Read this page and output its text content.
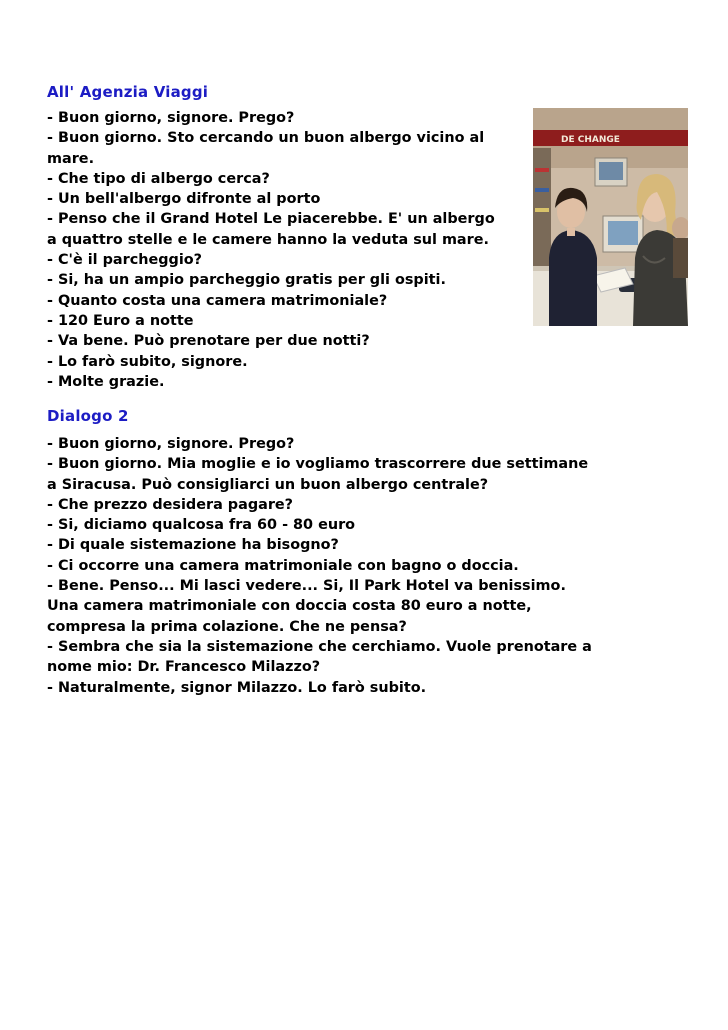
All' Agenzia Viaggi
- Buon giorno, signore. Prego?
- Buon giorno. Sto cercando un buon albergo vicino al
mare.
- Che tipo di albergo cerca?
- Un bell'albergo difronte al porto
- Penso che il Grand Hotel Le piacerebbe. E' un albergo
a quattro stelle e le camere hanno la veduta sul mare.
- C'è il parcheggio?
- Si, ha un ampio parcheggio gratis per gli ospiti.
- Quanto costa una camera matrimoniale?
- 120 Euro a notte
- Va bene. Può prenotare per due notti?
- Lo farò subito, signore.
- Molte grazie.
DE CHANGE
Dialogo 2
- Buon giorno, signore. Prego?
- Buon giorno. Mia moglie e io vogliamo trascorrere due settimane
a Siracusa. Può consigliarci un buon albergo centrale?
- Che prezzo desidera pagare?
- Si, diciamo qualcosa fra 60 - 80 euro
- Di quale sistemazione ha bisogno?
- Ci occorre una camera matrimoniale con bagno o doccia.
- Bene. Penso... Mi lasci vedere... Si, Il Park Hotel va benissimo.
Una camera matrimoniale con doccia costa 80 euro a notte,
compresa la prima colazione. Che ne pensa?
- Sembra che sia la sistemazione che cerchiamo. Vuole prenotare a
nome mio: Dr. Francesco Milazzo?
- Naturalmente, signor Milazzo. Lo farò subito.
